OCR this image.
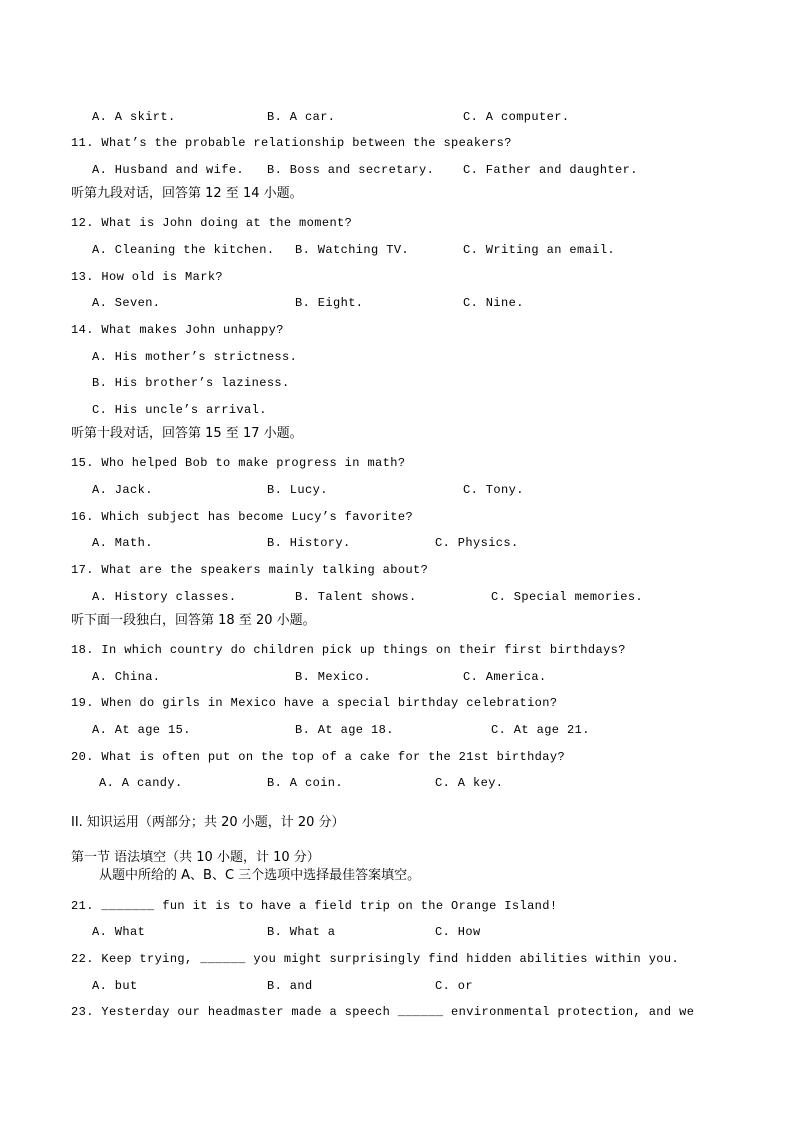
A. A skirt.	B. A car.	C. A computer.
11. What’s the probable relationship between the speakers?
A. Husband and wife. B. Boss and secretary. C. Father and daughter.
听第九段对话，回答第 12 至 14 小题。
12. What is John doing at the moment?
A. Cleaning the kitchen. B. Watching TV.	C. Writing an email.
13. How old is Mark?
A. Seven.	B. Eight.	C. Nine.
14. What makes John unhappy?
A. His mother’s strictness.
B. His brother’s laziness.
C. His uncle’s arrival.
听第十段对话，回答第 15 至 17 小题。
15. Who helped Bob to make progress in math?
A. Jack.	B. Lucy.	C. Tony.
16. Which subject has become Lucy’s favorite?
A. Math.	B. History.	C. Physics.
17. What are the speakers mainly talking about?
A. History classes.	B. Talent shows.	C. Special memories.
听下面一段独白，回答第 18 至 20 小题。
18. In which country do children pick up things on their first birthdays?
A. China.	B. Mexico.	C. America.
19. When do girls in Mexico have a special birthday celebration?
A. At age 15.	B. At age 18.	C. At age 21.
20. What is often put on the top of a cake for the 21st birthday?
A. A candy.	B. A coin.	C. A key.
II. 知识运用（两部分；共 20 小题，计 20 分）
第一节 语法填空（共 10 小题，计 10 分）
从题中所给的 A、B、C 三个选项中选择最佳答案填空。
21. _______ fun it is to have a field trip on the Orange Island!
A. What	B. What a	C. How
22. Keep trying, ______ you might surprisingly find hidden abilities within you.
A. but	B. and	C. or
23. Yesterday our headmaster made a speech ______ environmental protection, and we
